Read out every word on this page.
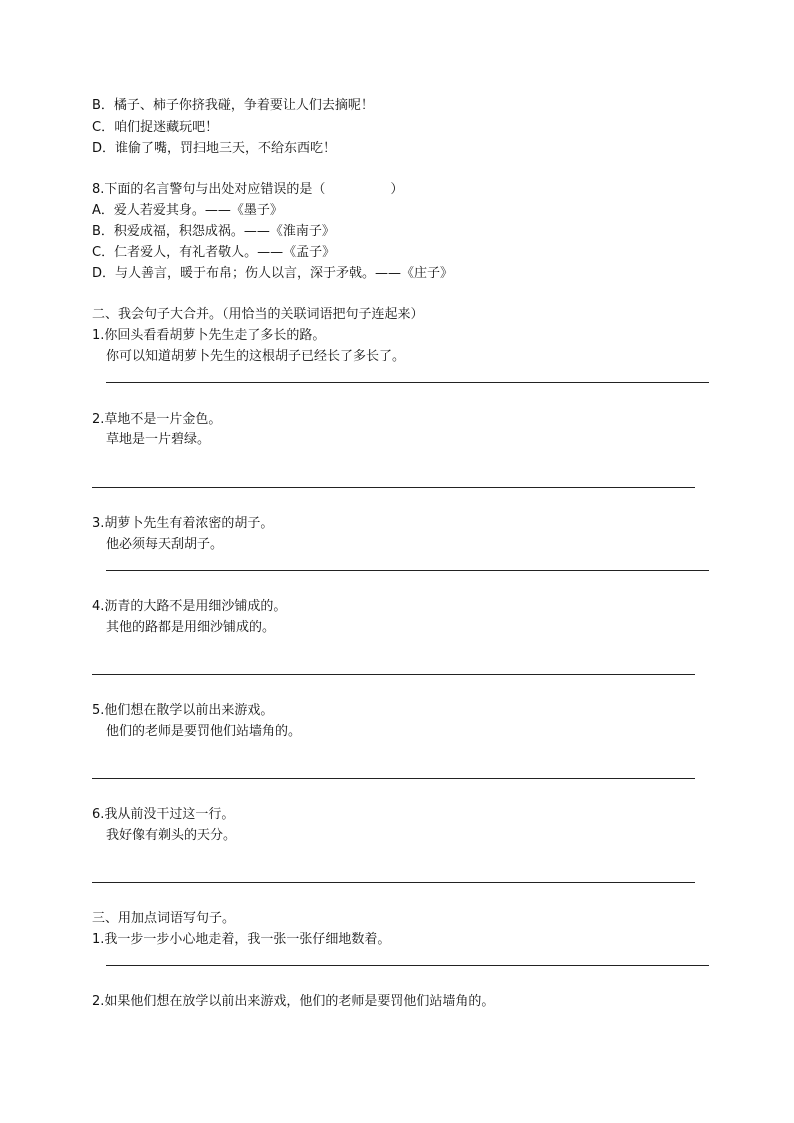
B．橘子、柿子你挤我碰，争着要让人们去摘呢！
C．咱们捉迷藏玩吧！
D．谁偷了嘴，罚扫地三天，不给东西吃！
8.下面的名言警句与出处对应错误的是（　　　　　）
A．爱人若爱其身。——《墨子》
B．积爱成福，积怨成祸。——《淮南子》
C．仁者爱人，有礼者敬人。——《孟子》
D．与人善言，暖于布帛；伤人以言，深于矛戟。——《庄子》
二、我会句子大合并。（用恰当的关联词语把句子连起来）
1.你回头看看胡萝卜先生走了多长的路。
你可以知道胡萝卜先生的这根胡子已经长了多长了。
2.草地不是一片金色。
草地是一片碧绿。
3.胡萝卜先生有着浓密的胡子。
他必须每天刮胡子。
4.沥青的大路不是用细沙铺成的。
其他的路都是用细沙铺成的。
5.他们想在散学以前出来游戏。
他们的老师是要罚他们站墙角的。
6.我从前没干过这一行。
我好像有剃头的天分。
三、用加点词语写句子。
1.我一步一步小心地走着，我一张一张仔细地数着。
2.如果他们想在放学以前出来游戏，他们的老师是要罚他们站墙角的。
